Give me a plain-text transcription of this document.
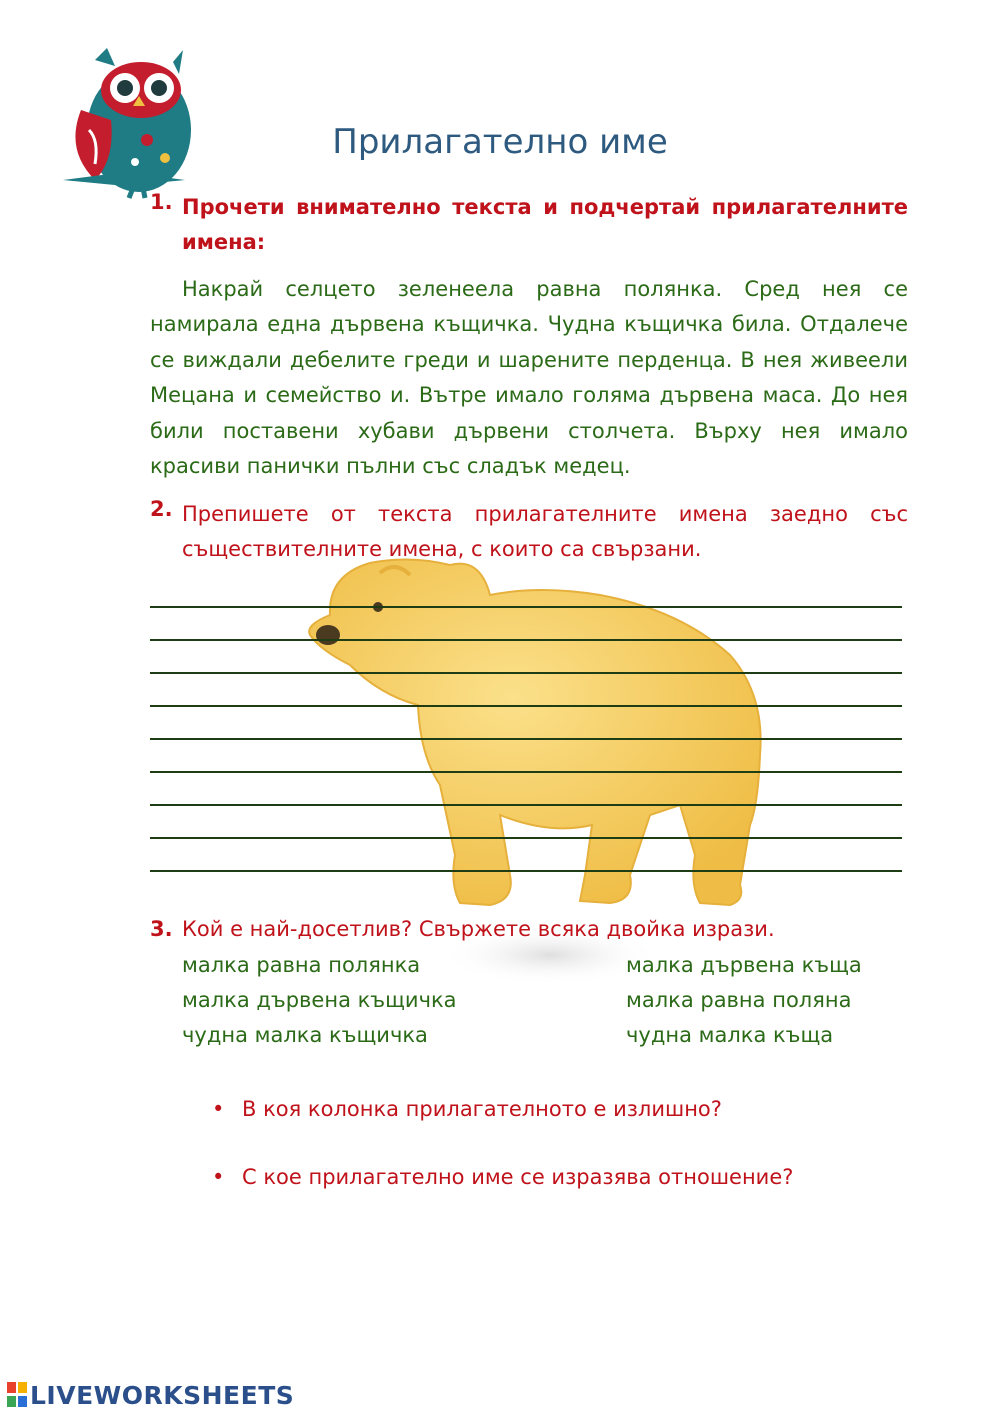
Прилагателно име
1. Прочети внимателно текста и подчертай прилагателните
имена:

Накрай селцето зеленеела равна полянка. Сред нея се намирала една дървена къщичка. Чудна къщичка била. Отдалече се виждали дебелите греди и шарените перденца. В нея живеели Мецана и семейство и. Вътре имало голяма дървена маса. До нея били поставени хубави дървени столчета. Върху нея имало красиви панички пълни със сладък медец.

2. Препишете от текста прилагателните имена заедно със съществителните имена, с които са свързани.
3. Кой е най-досетлив? Свържете всяка двойка изрази.
малка равна полянка
малка дървена къщичка
чудна малка къщичка
малка дървена къща
малка равна поляна
чудна малка къща
• В коя колонка прилагателното е излишно?
• С кое прилагателно име се изразява отношение?
LIVEWORKSHEETS
